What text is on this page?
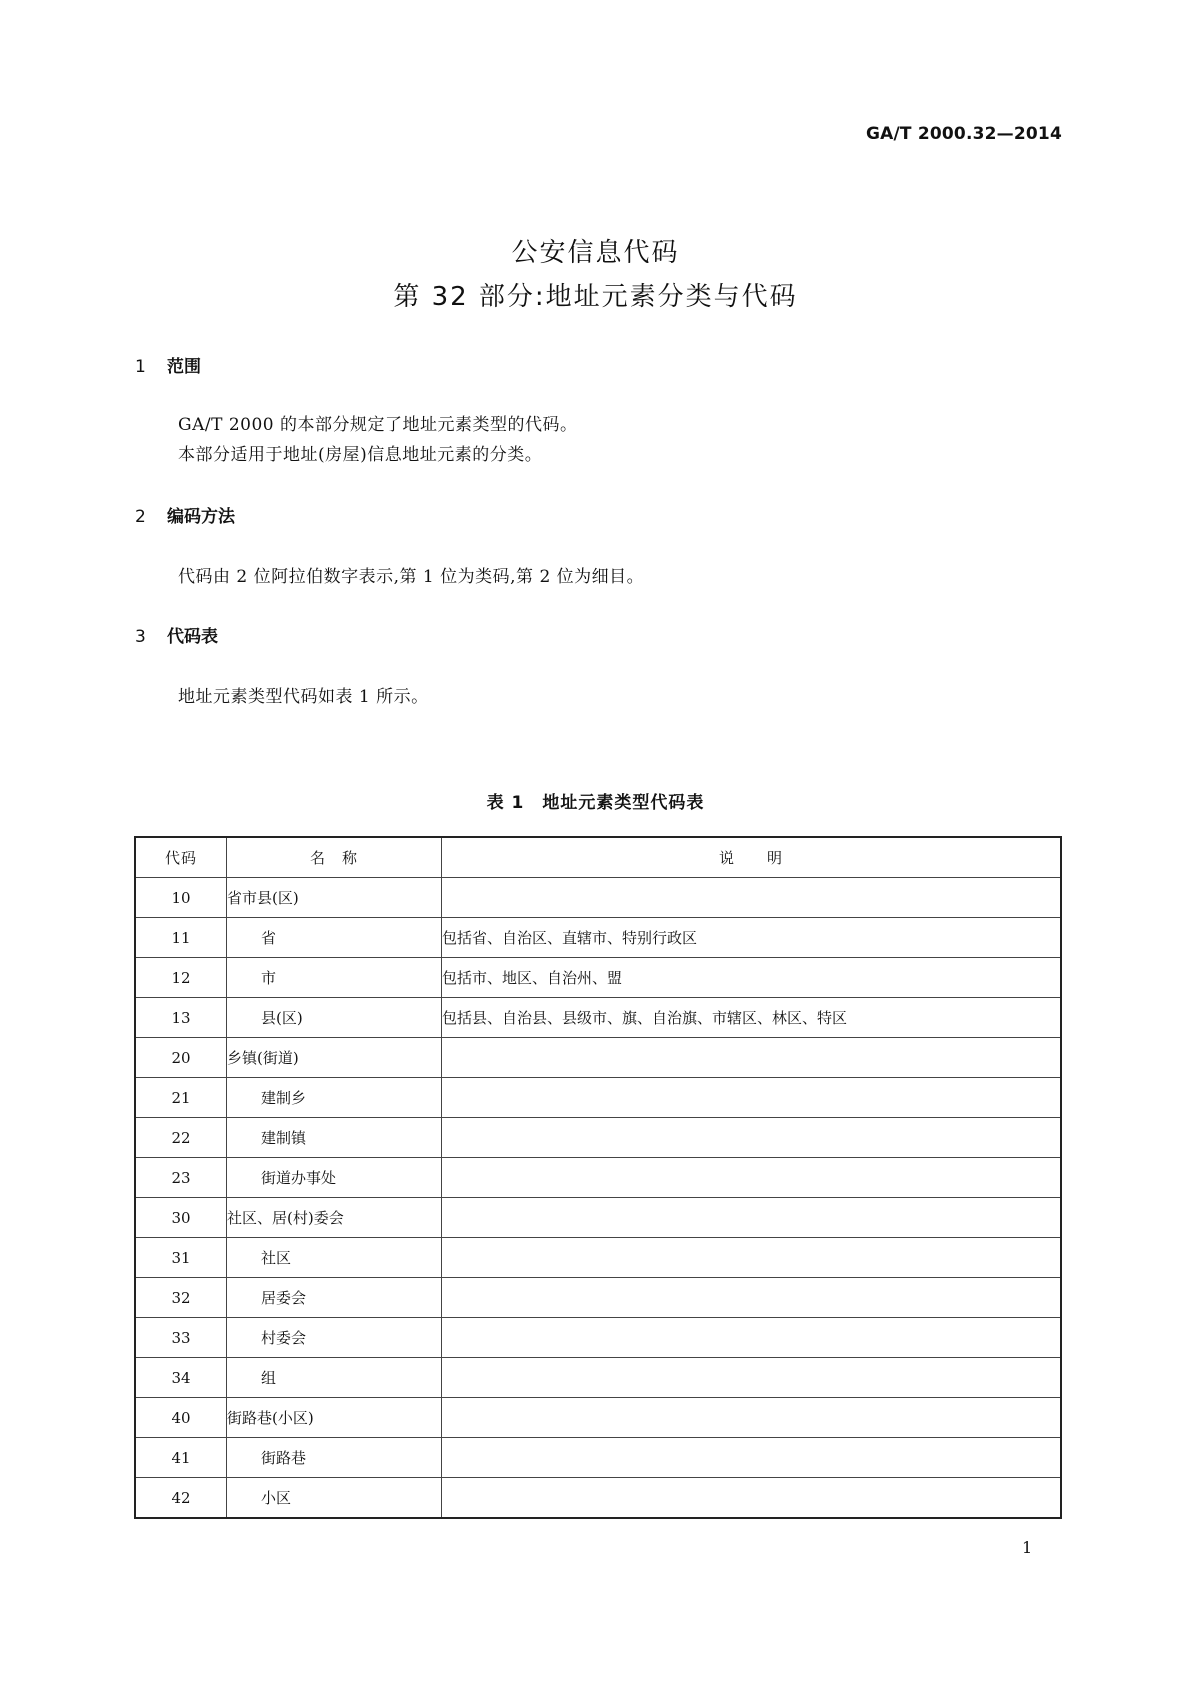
GA/T 2000.32—2014
公安信息代码
第 32 部分:地址元素分类与代码
1 范围
GA/T 2000 的本部分规定了地址元素类型的代码。
本部分适用于地址(房屋)信息地址元素的分类。
2 编码方法
代码由 2 位阿拉伯数字表示,第 1 位为类码,第 2 位为细目。
3 代码表
地址元素类型代码如表 1 所示。
表 1　地址元素类型代码表
代码	名　称	说　　明
10	省市县(区)	
11	省	包括省、自治区、直辖市、特别行政区
12	市	包括市、地区、自治州、盟
13	县(区)	包括县、自治县、县级市、旗、自治旗、市辖区、林区、特区
20	乡镇(街道)	
21	建制乡	
22	建制镇	
23	街道办事处	
30	社区、居(村)委会	
31	社区	
32	居委会	
33	村委会	
34	组	
40	街路巷(小区)	
41	街路巷	
42	小区	
1
